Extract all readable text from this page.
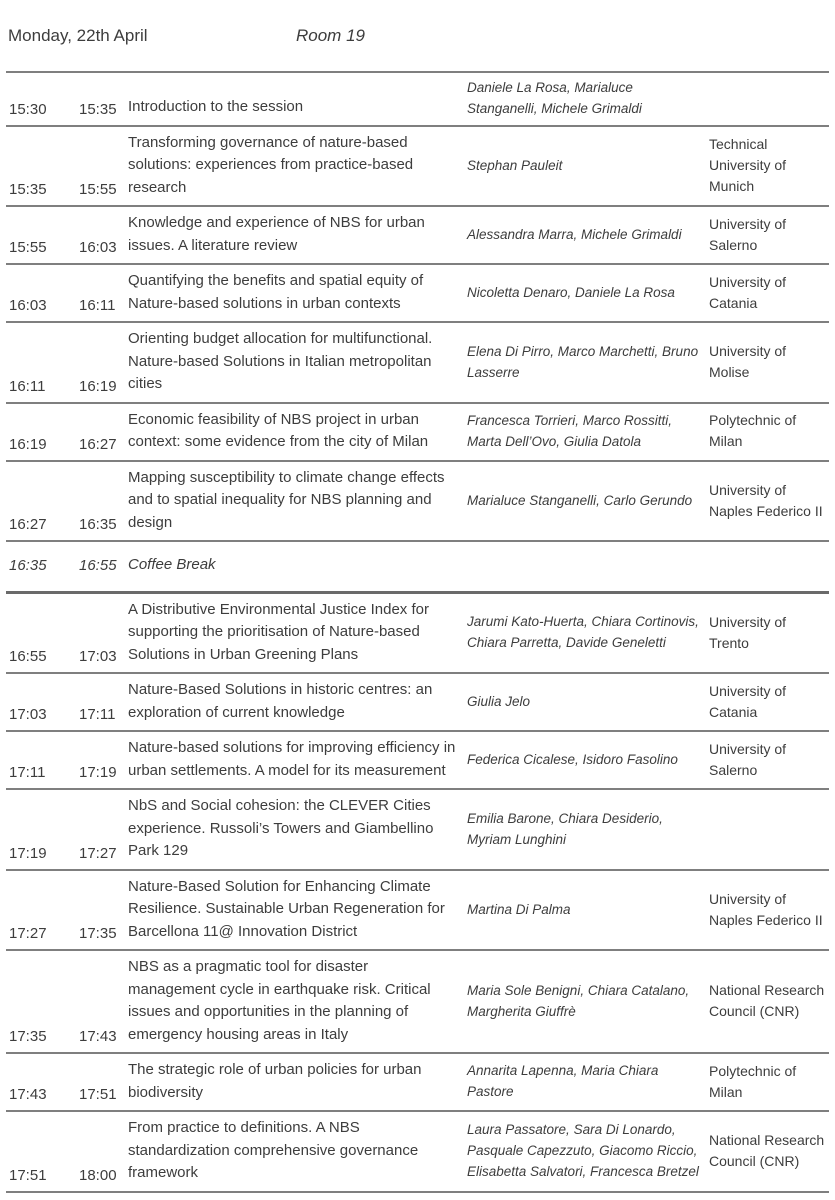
Monday, 22th April	Room 19
15:30	15:35	Introduction to the session	Daniele La Rosa, Marialuce Stanganelli, Michele Grimaldi	
15:35	15:55	Transforming governance of nature-based solutions: experiences from practice-based research	Stephan Pauleit	Technical University of Munich
15:55	16:03	Knowledge and experience of NBS for urban issues. A literature review	Alessandra Marra, Michele Grimaldi	University of Salerno
16:03	16:11	Quantifying the benefits and spatial equity of Nature-based solutions in urban contexts	Nicoletta Denaro, Daniele La Rosa	University of Catania
16:11	16:19	Orienting budget allocation for multifunctional. Nature-based Solutions in Italian metropolitan cities	Elena Di Pirro, Marco Marchetti, Bruno Lasserre	University of Molise
16:19	16:27	Economic feasibility of NBS project in urban context: some evidence from the city of Milan	Francesca Torrieri, Marco Rossitti, Marta Dell’Ovo, Giulia Datola	Polytechnic of Milan
16:27	16:35	Mapping susceptibility to climate change effects and to spatial inequality for NBS planning and design	Marialuce Stanganelli, Carlo Gerundo	University of Naples Federico II
16:35	16:55	Coffee Break		
16:55	17:03	A Distributive Environmental Justice Index for supporting the prioritisation of Nature-based Solutions in Urban Greening Plans	Jarumi Kato-Huerta, Chiara Cortinovis, Chiara Parretta, Davide Geneletti	University of Trento
17:03	17:11	Nature-Based Solutions in historic centres: an exploration of current knowledge	Giulia Jelo	University of Catania
17:11	17:19	Nature-based solutions for improving efficiency in urban settlements. A model for its measurement	Federica Cicalese, Isidoro Fasolino	University of Salerno
17:19	17:27	NbS and Social cohesion: the CLEVER Cities experience. Russoli’s Towers and Giambellino Park 129	Emilia Barone, Chiara Desiderio, Myriam Lunghini	
17:27	17:35	Nature-Based Solution for Enhancing Climate Resilience. Sustainable Urban Regeneration for Barcellona 11@ Innovation District	Martina Di Palma	University of Naples Federico II
17:35	17:43	NBS as a pragmatic tool for disaster management cycle in earthquake risk. Critical issues and opportunities in the planning of emergency housing areas in Italy	Maria Sole Benigni, Chiara Catalano, Margherita Giuffrè	National Research Council (CNR)
17:43	17:51	The strategic role of urban policies for urban biodiversity	Annarita Lapenna, Maria Chiara Pastore	Polytechnic of Milan
17:51	18:00	From practice to definitions. A NBS standardization comprehensive governance framework	Laura Passatore, Sara Di Lonardo, Pasquale Capezzuto, Giacomo Riccio, Elisabetta Salvatori, Francesca Bretzel	National Research Council (CNR)
